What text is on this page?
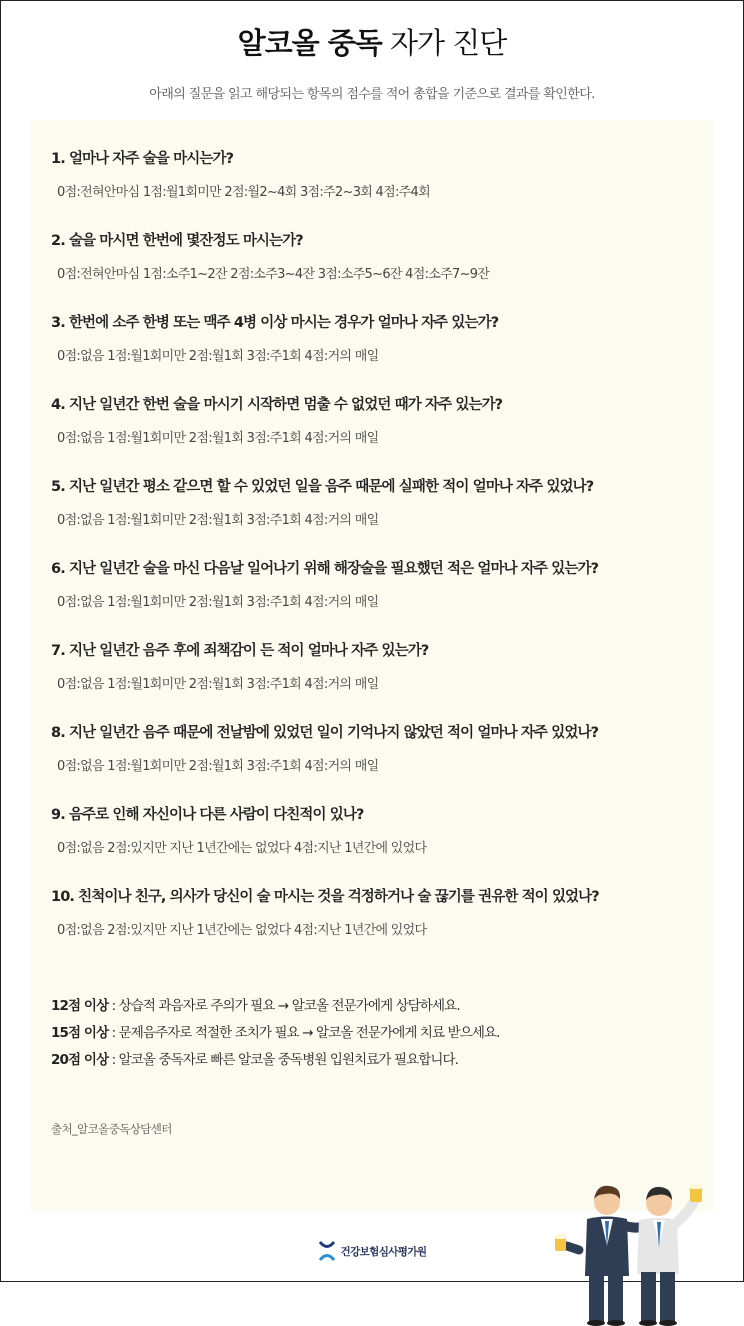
알코올 중독 자가 진단
아래의 질문을 읽고 해당되는 항목의 점수를 적어 총합을 기준으로 결과를 확인한다.
1. 얼마나 자주 술을 마시는가?
0점:전혀안마심 1점:월1회미만 2점:월2~4회 3점:주2~3회 4점:주4회
2. 술을 마시면 한번에 몇잔정도 마시는가?
0점:전혀안마심 1점:소주1~2잔 2점:소주3~4잔 3점:소주5~6잔 4점:소주7~9잔
3. 한번에 소주 한병 또는 맥주 4병 이상 마시는 경우가 얼마나 자주 있는가?
0점:없음 1점:월1회미만 2점:월1회 3점:주1회 4점:거의 매일
4. 지난 일년간 한번 술을 마시기 시작하면 멈출 수 없었던 때가 자주 있는가?
0점:없음 1점:월1회미만 2점:월1회 3점:주1회 4점:거의 매일
5. 지난 일년간 평소 같으면 할 수 있었던 일을 음주 때문에 실패한 적이 얼마나 자주 있었나?
0점:없음 1점:월1회미만 2점:월1회 3점:주1회 4점:거의 매일
6. 지난 일년간 술을 마신 다음날 일어나기 위해 해장술을 필요했던 적은 얼마나 자주 있는가?
0점:없음 1점:월1회미만 2점:월1회 3점:주1회 4점:거의 매일
7. 지난 일년간 음주 후에 죄책감이 든 적이 얼마나 자주 있는가?
0점:없음 1점:월1회미만 2점:월1회 3점:주1회 4점:거의 매일
8. 지난 일년간 음주 때문에 전날밤에 있었던 일이 기억나지 않았던 적이 얼마나 자주 있었나?
0점:없음 1점:월1회미만 2점:월1회 3점:주1회 4점:거의 매일
9. 음주로 인해 자신이나 다른 사람이 다친적이 있나?
0점:없음 2점:있지만 지난 1년간에는 없었다 4점:지난 1년간에 있었다
10. 친척이나 친구, 의사가 당신이 술 마시는 것을 걱정하거나 술 끊기를 권유한 적이 있었나?
0점:없음 2점:있지만 지난 1년간에는 없었다 4점:지난 1년간에 있었다
12점 이상 : 상습적 과음자로 주의가 필요 → 알코올 전문가에게 상담하세요.
15점 이상 : 문제음주자로 적절한 조치가 필요 → 알코올 전문가에게 치료 받으세요.
20점 이상 : 알코올 중독자로 빠른 알코올 중독병원 입원치료가 필요합니다.
출처_알코올중독상담센터
건강보험심사평가원
